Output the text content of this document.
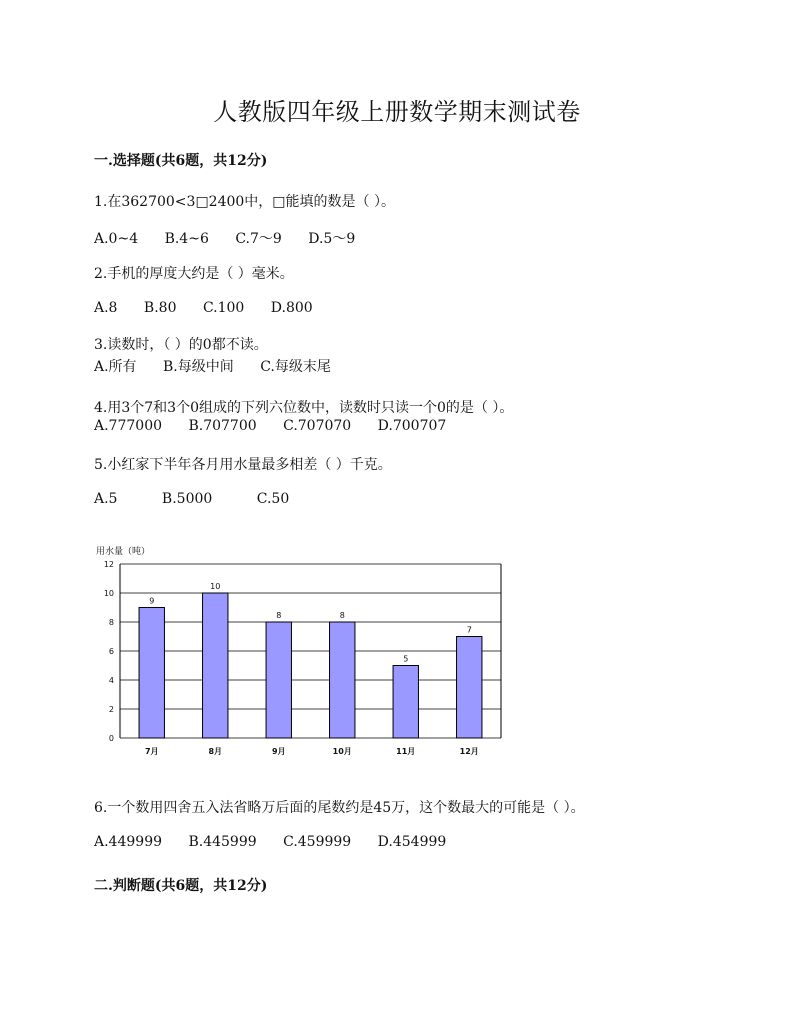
人教版四年级上册数学期末测试卷
一.选择题(共6题，共12分)
1.在362700<3□2400中，□能填的数是（ ）。
A.0~4 B.4~6 C.7～9 D.5～9
2.手机的厚度大约是（ ）毫米。
A.8 B.80 C.100 D.800
3.读数时，（ ）的0都不读。
A.所有 B.每级中间 C.每级末尾
4.用3个7和3个0组成的下列六位数中，读数时只读一个0的是（ ）。
A.777000 B.707700 C.707070 D.700707
5.小红家下半年各月用水量最多相差（ ）千克。
A.5	B.5000	C.50
用水量（吨）
0
2
4
6
8
10
12
9
7月
10
8月
8
9月
8
10月
5
11月
7
12月
6.一个数用四舍五入法省略万后面的尾数约是45万，这个数最大的可能是（ ）。
A.449999 B.445999 C.459999 D.454999
二.判断题(共6题，共12分)
